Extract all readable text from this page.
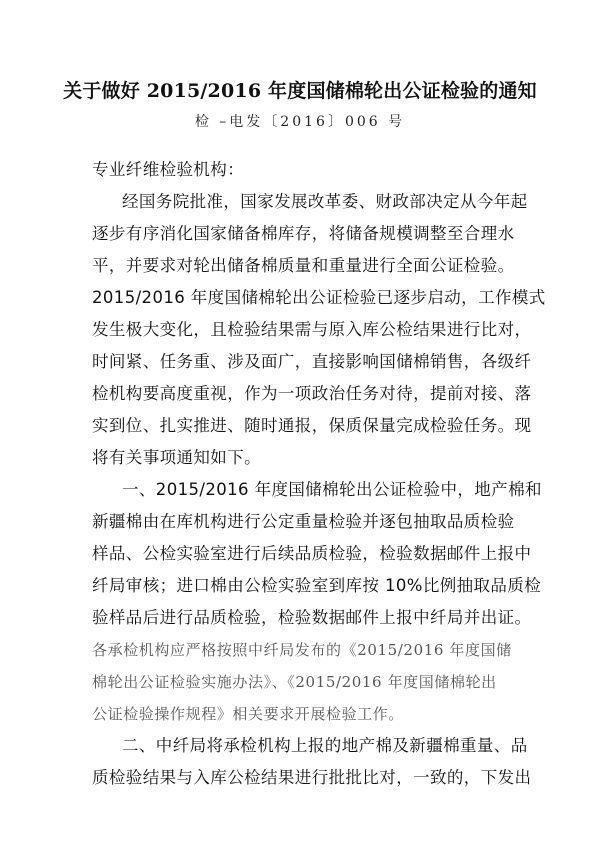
关于做好 2015/2016 年度国储棉轮出公证检验的通知
检 –电发〔2016〕006 号
专业纤维检验机构：
经国务院批准，国家发展改革委、财政部决定从今年起
逐步有序消化国家储备棉库存，将储备规模调整至合理水
平，并要求对轮出储备棉质量和重量进行全面公证检验。
2015/2016 年度国储棉轮出公证检验已逐步启动，工作模式
发生极大变化，且检验结果需与原入库公检结果进行比对，
时间紧、任务重、涉及面广，直接影响国储棉销售，各级纤
检机构要高度重视，作为一项政治任务对待，提前对接、落
实到位、扎实推进、随时通报，保质保量完成检验任务。现
将有关事项通知如下。
一、2015/2016 年度国储棉轮出公证检验中，地产棉和
新疆棉由在库机构进行公定重量检验并逐包抽取品质检验
样品、公检实验室进行后续品质检验，检验数据邮件上报中
纤局审核；进口棉由公检实验室到库按 10%比例抽取品质检
验样品后进行品质检验，检验数据邮件上报中纤局并出证。
各承检机构应严格按照中纤局发布的《2015/2016 年度国储
棉轮出公证检验实施办法》、《2015/2016 年度国储棉轮出
公证检验操作规程》相关要求开展检验工作。
二、中纤局将承检机构上报的地产棉及新疆棉重量、品
质检验结果与入库公检结果进行批批比对，一致的，下发出
